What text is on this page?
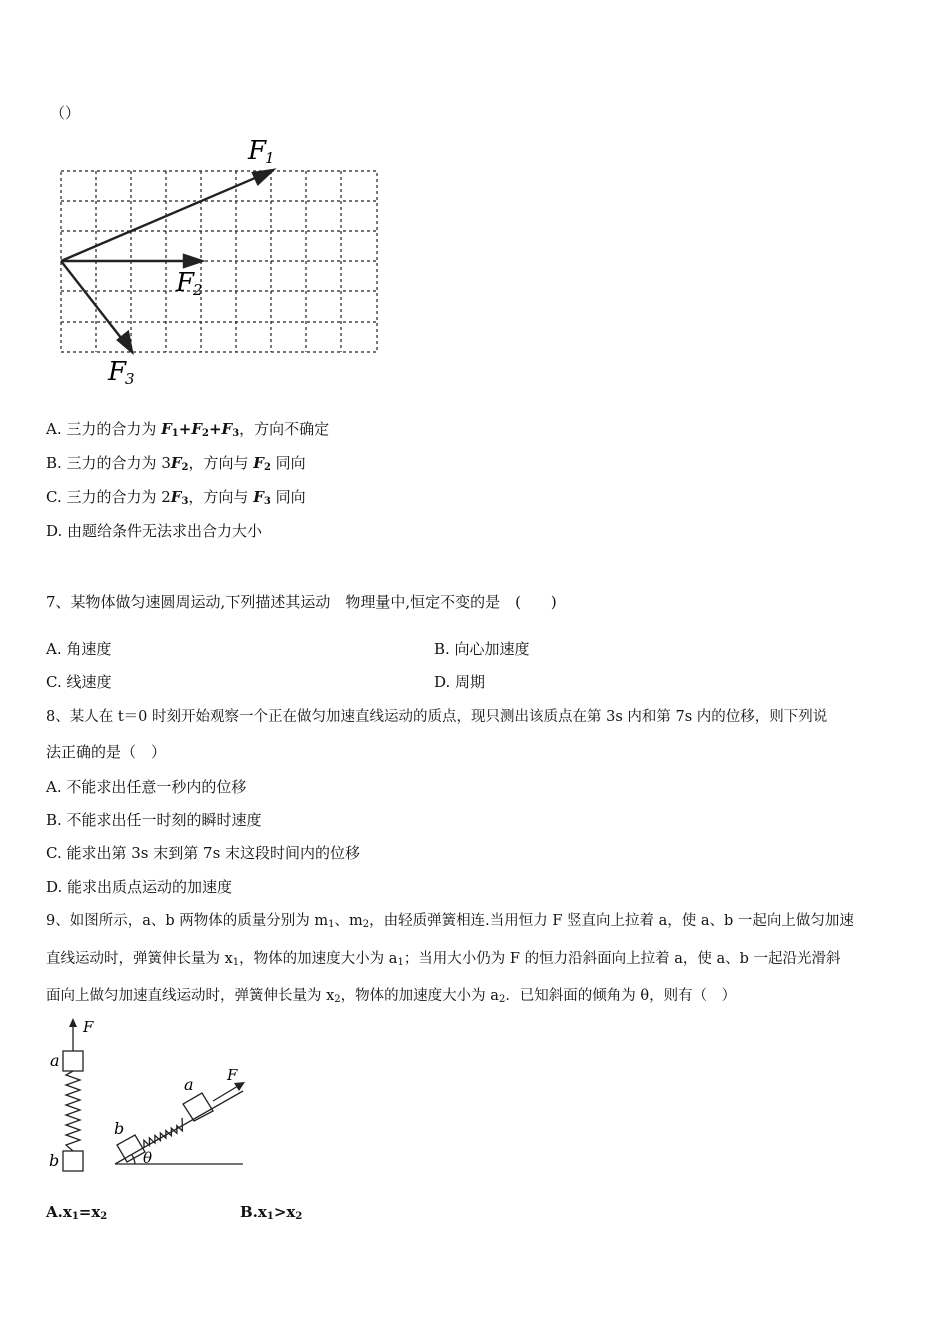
（）
F
1
F
2
F
3
A. 三力的合力为 $F_1+F_2+F_3$，方向不确定
B. 三力的合力为 $3F_2$，方向与 $F_2$ 同向
C. 三力的合力为 $2F_3$，方向与 $F_3$ 同向
D. 由题给条件无法求出合力大小
7、某物体做匀速圆周运动,下列描述其运动　物理量中,恒定不变的是　(　　)
A. 角速度	B. 向心加速度
C. 线速度	D. 周期
8、某人在 t＝0 时刻开始观察一个正在做匀加速直线运动的质点，现只测出该质点在第 3s 内和第 7s 内的位移，则下列说
法正确的是（　）
A. 不能求出任意一秒内的位移
B. 不能求出任一时刻的瞬时速度
C. 能求出第 3s 末到第 7s 末这段时间内的位移
D. 能求出质点运动的加速度
9、如图所示，a、b 两物体的质量分别为 $m_1$、$m_2$，由轻质弹簧相连.当用恒力 F 竖直向上拉着 a，使 a、b 一起向上做匀加速
直线运动时，弹簧伸长量为 $x_1$，物体的加速度大小为 $a_1$；当用大小仍为 F 的恒力沿斜面向上拉着 a，使 a、b 一起沿光滑斜
面向上做匀加速直线运动时，弹簧伸长量为 $x_2$，物体的加速度大小为 $a_2$．已知斜面的倾角为 θ，则有（　）
F
a
b
a F
b
θ
$A.x_1=x_2$	$B.x_1>x_2$
